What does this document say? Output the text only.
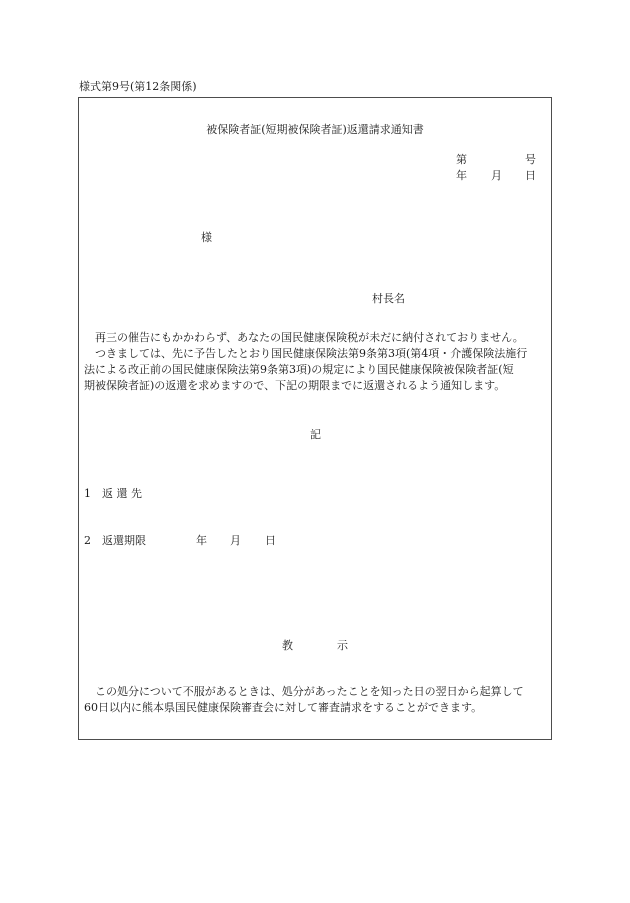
様式第9号(第12条関係)
被保険者証(短期被保険者証)返還請求通知書
第	号
年 月 日
様
村長名
　再三の催告にもかかわらず、あなたの国民健康保険税が未だに納付されておりません。
　つきましては、先に予告したとおり国民健康保険法第9条第3項(第4項・介護保険法施行
法による改正前の国民健康保険法第9条第3項)の規定により国民健康保険被保険者証(短
期被保険者証)の返還を求めますので、下記の期限までに返還されるよう通知します。
記
1 返 還 先
2 返還期限	年 月 日
教	示
　この処分について不服があるときは、処分があったことを知った日の翌日から起算して
60日以内に熊本県国民健康保険審査会に対して審査請求をすることができます。
